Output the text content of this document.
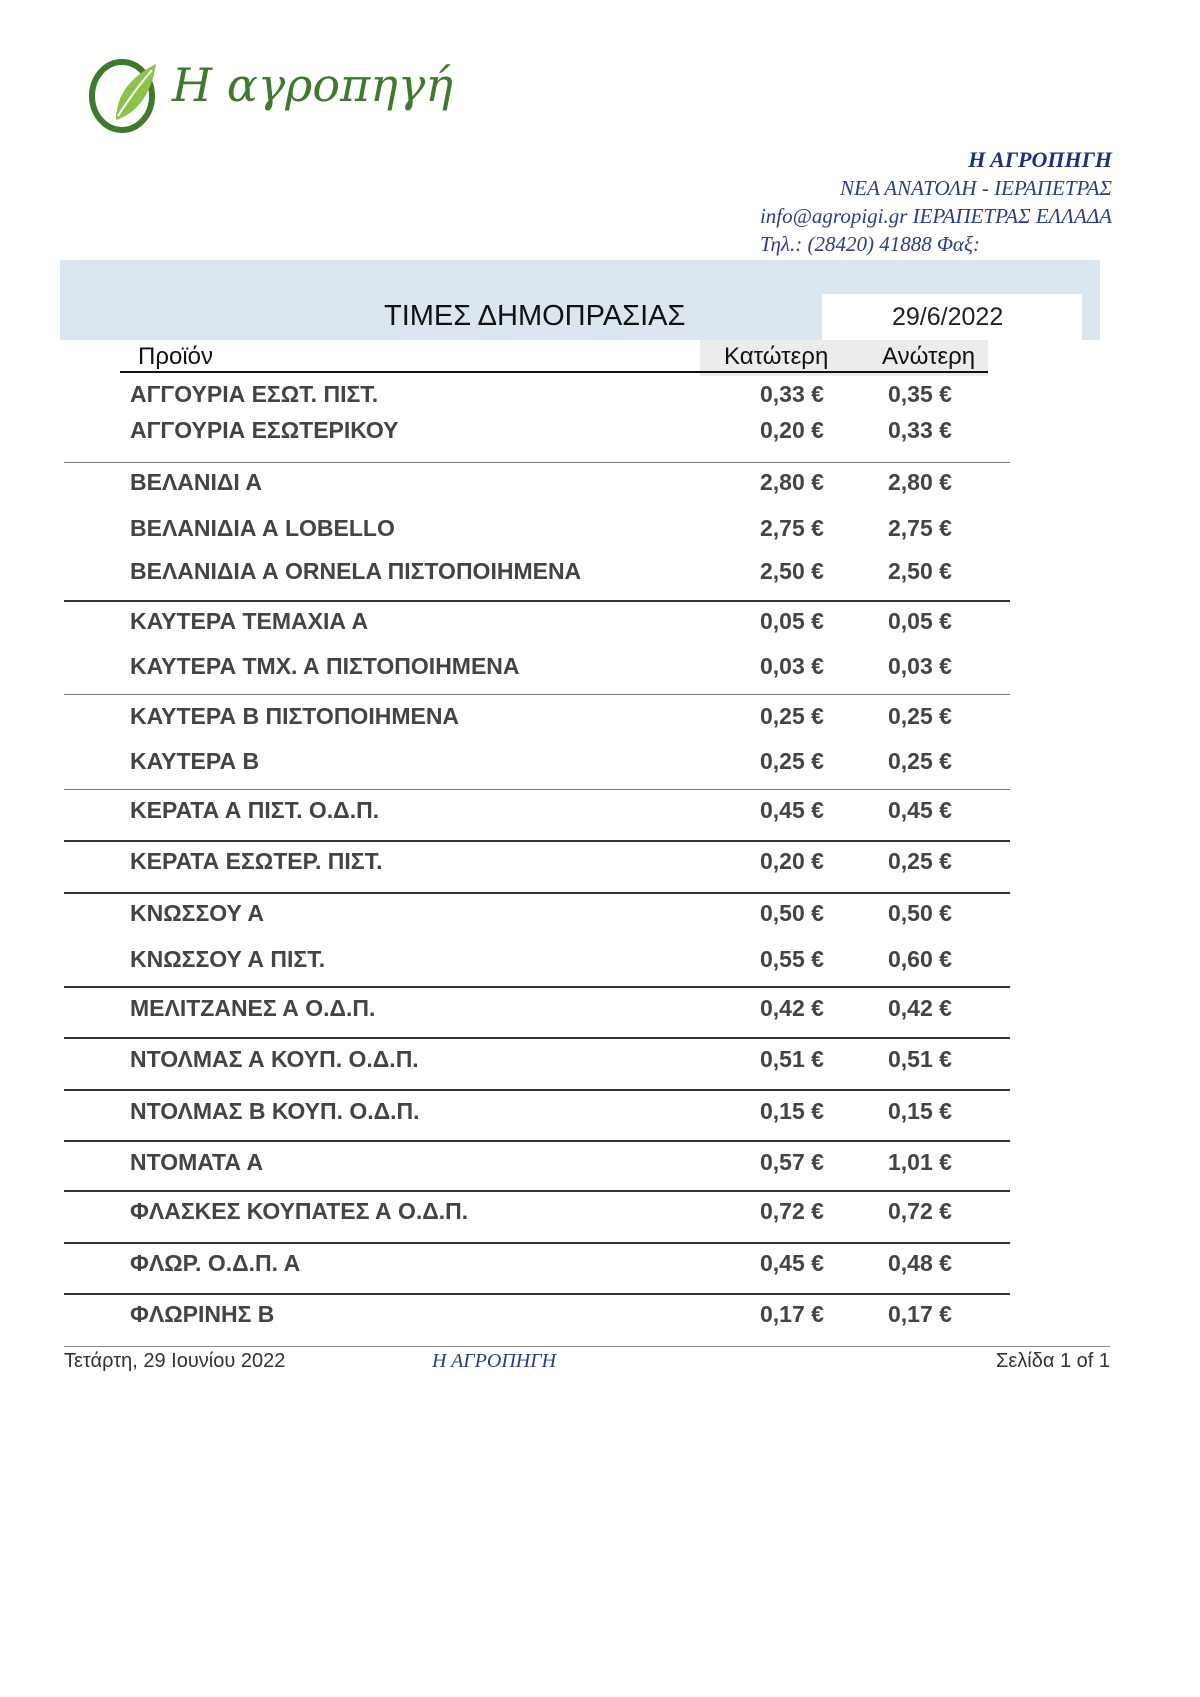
Η αγροπηγή
Η ΑΓΡΟΠΗΓΗ
ΝΕΑ ΑΝΑΤΟΛΗ - ΙΕΡΑΠΕΤΡΑΣ
info@agropigi.gr ΙΕΡΑΠΕΤΡΑΣ ΕΛΛΑΔΑ
Τηλ.: (28420) 41888 Φαξ:
ΤΙΜΕΣ ΔΗΜΟΠΡΑΣΙΑΣ	29/6/2022
Προϊόν	Κατώτερη Ανώτερη
ΑΓΓΟΥΡΙΑ ΕΣΩΤ. ΠΙΣΤ.	0,33 €	0,35 €
ΑΓΓΟΥΡΙΑ ΕΣΩΤΕΡΙΚΟΥ	0,20 €	0,33 €
ΒΕΛΑΝΙΔΙ Α	2,80 €	2,80 €
ΒΕΛΑΝΙΔΙΑ Α LOBELLO	2,75 €	2,75 €
ΒΕΛΑΝΙΔΙΑ Α ORNELA ΠΙΣΤΟΠΟΙΗΜΕΝΑ	2,50 €	2,50 €
ΚΑΥΤΕΡΑ ΤΕΜΑΧΙΑ Α	0,05 €	0,05 €
ΚΑΥΤΕΡΑ ΤΜΧ. Α ΠΙΣΤΟΠΟΙΗΜΕΝΑ	0,03 €	0,03 €
ΚΑΥΤΕΡΑ Β ΠΙΣΤΟΠΟΙΗΜΕΝΑ	0,25 €	0,25 €
ΚΑΥΤΕΡΑ Β	0,25 €	0,25 €
ΚΕΡΑΤΑ Α ΠΙΣΤ. Ο.Δ.Π.	0,45 €	0,45 €
ΚΕΡΑΤΑ ΕΣΩΤΕΡ. ΠΙΣΤ.	0,20 €	0,25 €
ΚΝΩΣΣΟΥ Α	0,50 €	0,50 €
ΚΝΩΣΣΟΥ Α ΠΙΣΤ.	0,55 €	0,60 €
ΜΕΛΙΤΖΑΝΕΣ Α Ο.Δ.Π.	0,42 €	0,42 €
ΝΤΟΛΜΑΣ Α ΚΟΥΠ. Ο.Δ.Π.	0,51 €	0,51 €
ΝΤΟΛΜΑΣ Β ΚΟΥΠ. Ο.Δ.Π.	0,15 €	0,15 €
ΝΤΟΜΑΤΑ Α	0,57 €	1,01 €
ΦΛΑΣΚΕΣ ΚΟΥΠΑΤΕΣ Α Ο.Δ.Π.	0,72 €	0,72 €
ΦΛΩΡ. Ο.Δ.Π. Α	0,45 €	0,48 €
ΦΛΩΡΙΝΗΣ Β	0,17 €	0,17 €
Τετάρτη, 29 Ιουνίου 2022	Η ΑΓΡΟΠΗΓΗ	Σελίδα 1 of 1
